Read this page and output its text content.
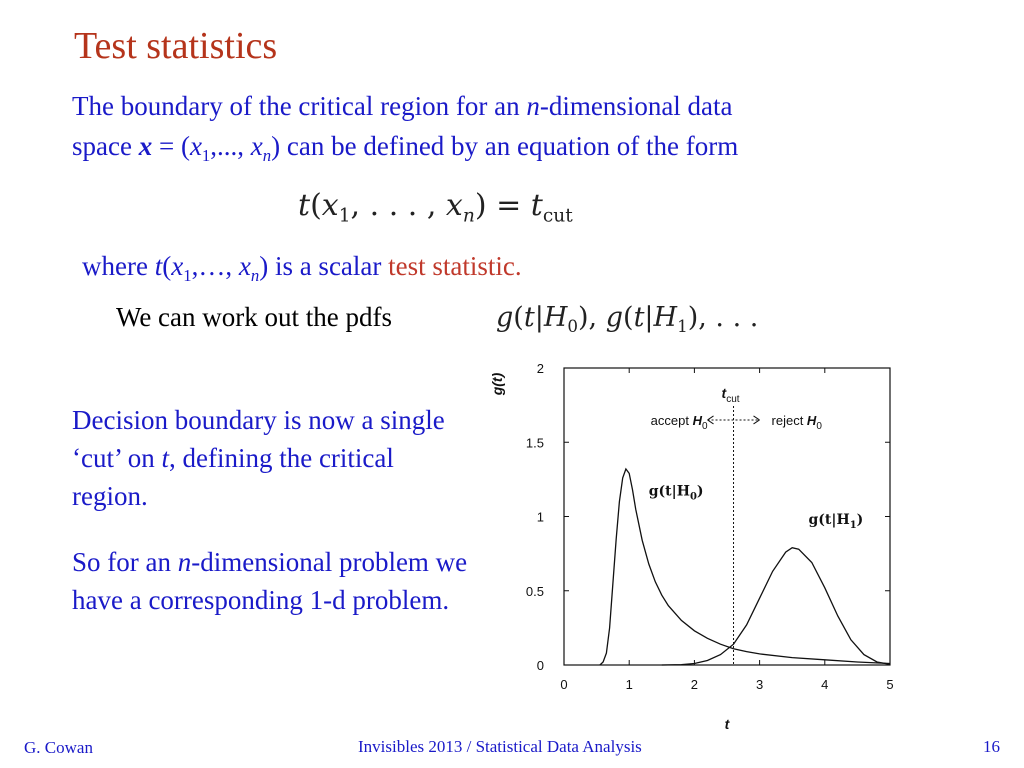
Test statistics
The boundary of the critical region for an n-dimensional data
space $x = (x_1$,..., $x_n$) can be defined by an equation of the form
$t(x_1$, . . . , $x_n) = t_{cut}$
where $t(x_1,\dots$, $x_n$) is a scalar test statistic.
We can work out the pdfs	$g(t|H_0)$, $g(t|H_1)$, . . .
Decision boundary is now a single ‘cut’ on t, defining the critical region.
So for an n-dimensional problem we have a corresponding 1-d problem.
0	1	2	3	4	5
0
0.5
1
1.5
2
t
g(t)	$t_{cut}$
accept $H_0$	reject $H_0$
$g(t|H_0)$
$g(t|H_1)$
G. Cowan	Invisibles 2013 / Statistical Data Analysis	16
